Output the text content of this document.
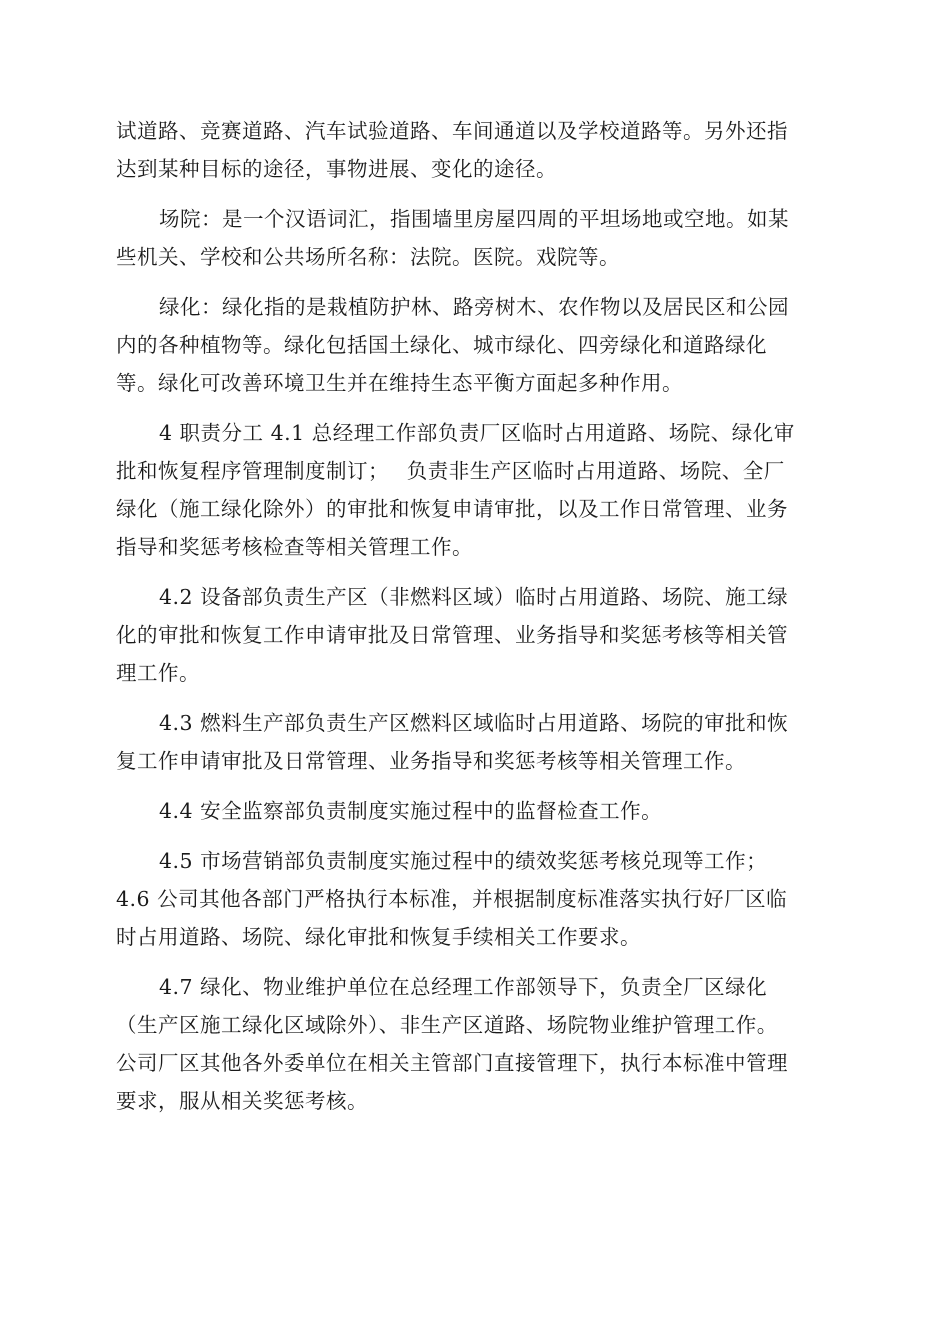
试道路、竞赛道路、汽车试验道路、车间通道以及学校道路等。另外还指
达到某种目标的途径，事物进展、变化的途径。

场院：是一个汉语词汇，指围墙里房屋四周的平坦场地或空地。如某
些机关、学校和公共场所名称：法院。医院。戏院等。

绿化：绿化指的是栽植防护林、路旁树木、农作物以及居民区和公园
内的各种植物等。绿化包括国土绿化、城市绿化、四旁绿化和道路绿化
等。绿化可改善环境卫生并在维持生态平衡方面起多种作用。

4 职责分工 4.1 总经理工作部负责厂区临时占用道路、场院、绿化审
批和恢复程序管理制度制订；　 负责非生产区临时占用道路、场院、全厂
绿化（施工绿化除外）的审批和恢复申请审批，以及工作日常管理、业务
指导和奖惩考核检查等相关管理工作。

4.2 设备部负责生产区（非燃料区域）临时占用道路、场院、施工绿
化的审批和恢复工作申请审批及日常管理、业务指导和奖惩考核等相关管
理工作。

4.3 燃料生产部负责生产区燃料区域临时占用道路、场院的审批和恢
复工作申请审批及日常管理、业务指导和奖惩考核等相关管理工作。

4.4 安全监察部负责制度实施过程中的监督检查工作。

4.5 市场营销部负责制度实施过程中的绩效奖惩考核兑现等工作；
4.6 公司其他各部门严格执行本标准，并根据制度标准落实执行好厂区临
时占用道路、场院、绿化审批和恢复手续相关工作要求。

4.7 绿化、物业维护单位在总经理工作部领导下，负责全厂区绿化
（生产区施工绿化区域除外）、非生产区道路、场院物业维护管理工作。
公司厂区其他各外委单位在相关主管部门直接管理下，执行本标准中管理
要求，服从相关奖惩考核。
